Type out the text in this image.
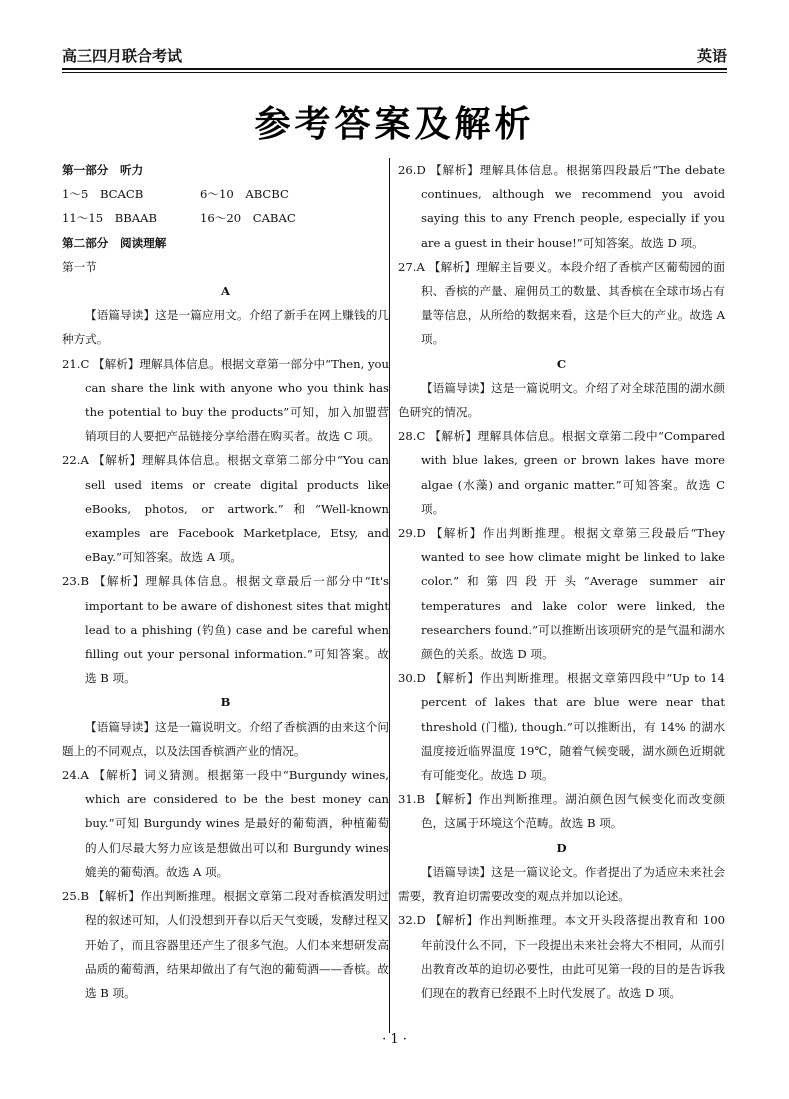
高三四月联合考试	英语
参考答案及解析
第一部分　听力
1～5　BCACB	6～10　ABCBC
11～15　BBAAB	16～20　CABAC
第二部分　阅读理解
第一节
A
【语篇导读】这是一篇应用文。介绍了新手在网上赚钱的几种方式。
21.C 【解析】理解具体信息。根据文章第一部分中“Then, you can share the link with anyone who you think has the potential to buy the products”可知，加入加盟营销项目的人要把产品链接分享给潜在购买者。故选 C 项。
22.A 【解析】理解具体信息。根据文章第二部分中“You can sell used items or create digital products like eBooks, photos, or artwork.”和“Well-known examples are Facebook Marketplace, Etsy, and eBay.”可知答案。故选 A 项。
23.B 【解析】理解具体信息。根据文章最后一部分中“It's important to be aware of dishonest sites that might lead to a phishing (钓鱼) case and be careful when filling out your personal information.”可知答案。故选 B 项。
B
【语篇导读】这是一篇说明文。介绍了香槟酒的由来这个问题上的不同观点，以及法国香槟酒产业的情况。
24.A 【解析】词义猜测。根据第一段中“Burgundy wines, which are considered to be the best money can buy.”可知 Burgundy wines 是最好的葡萄酒，种植葡萄的人们尽最大努力应该是想做出可以和 Burgundy wines 媲美的葡萄酒。故选 A 项。
25.B 【解析】作出判断推理。根据文章第二段对香槟酒发明过程的叙述可知，人们没想到开春以后天气变暖，发酵过程又开始了，而且容器里还产生了很多气泡。人们本来想研发高品质的葡萄酒，结果却做出了有气泡的葡萄酒——香槟。故选 B 项。
26.D 【解析】理解具体信息。根据第四段最后“The debate continues, although we recommend you avoid saying this to any French people, especially if you are a guest in their house!”可知答案。故选 D 项。
27.A 【解析】理解主旨要义。本段介绍了香槟产区葡萄园的面积、香槟的产量、雇佣员工的数量、其香槟在全球市场占有量等信息，从所给的数据来看，这是个巨大的产业。故选 A 项。
C
【语篇导读】这是一篇说明文。介绍了对全球范围的湖水颜色研究的情况。
28.C 【解析】理解具体信息。根据文章第二段中“Compared with blue lakes, green or brown lakes have more algae (水藻) and organic matter.”可知答案。故选 C 项。
29.D 【解析】作出判断推理。根据文章第三段最后“They wanted to see how climate might be linked to lake color.”和第四段开头“Average summer air temperatures and lake color were linked, the researchers found.”可以推断出该项研究的是气温和湖水颜色的关系。故选 D 项。
30.D 【解析】作出判断推理。根据文章第四段中“Up to 14 percent of lakes that are blue were near that threshold (门槛), though.”可以推断出，有 14% 的湖水温度接近临界温度 19℃，随着气候变暖，湖水颜色近期就有可能变化。故选 D 项。
31.B 【解析】作出判断推理。湖泊颜色因气候变化而改变颜色，这属于环境这个范畴。故选 B 项。
D
【语篇导读】这是一篇议论文。作者提出了为适应未来社会需要，教育迫切需要改变的观点并加以论述。
32.D 【解析】作出判断推理。本文开头段落提出教育和 100 年前没什么不同，下一段提出未来社会将大不相同，从而引出教育改革的迫切必要性，由此可见第一段的目的是告诉我们现在的教育已经跟不上时代发展了。故选 D 项。
· 1 ·
